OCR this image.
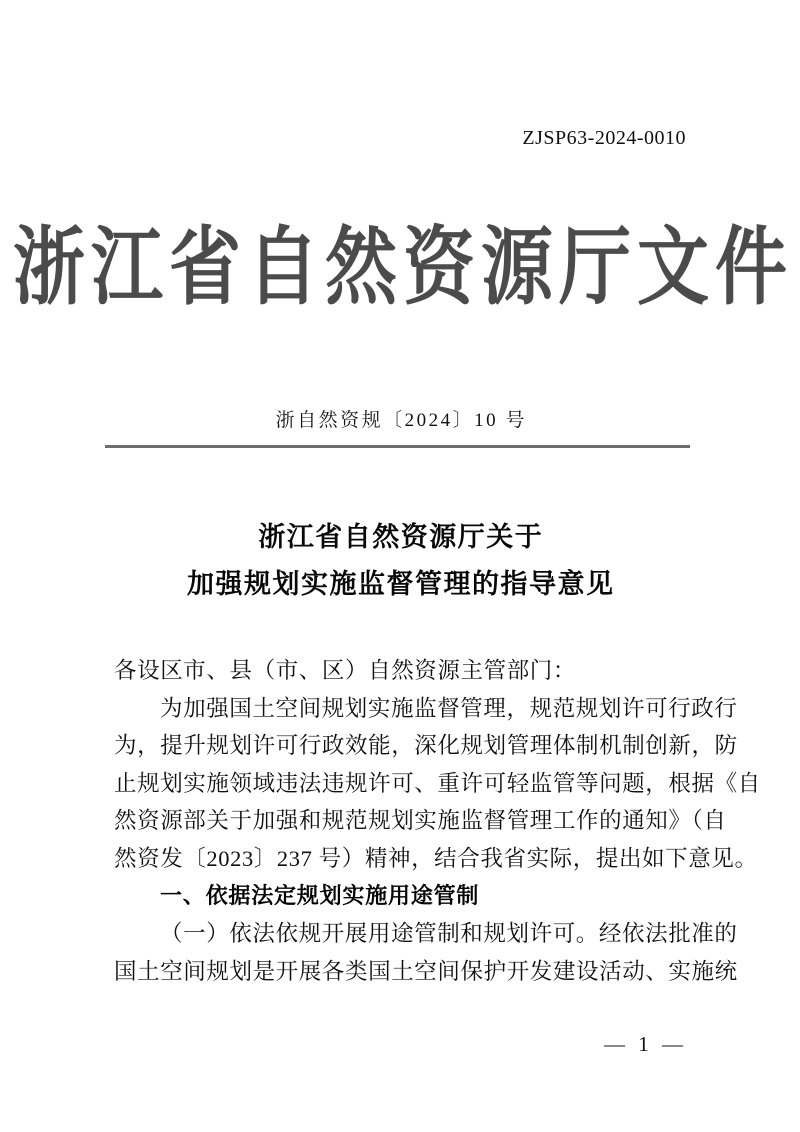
ZJSP63-2024-0010
浙江省自然资源厅文件
浙自然资规〔2024〕10 号
浙江省自然资源厅关于
加强规划实施监督管理的指导意见
各设区市、县（市、区）自然资源主管部门：
为加强国土空间规划实施监督管理，规范规划许可行政行
为，提升规划许可行政效能，深化规划管理体制机制创新，防
止规划实施领域违法违规许可、重许可轻监管等问题，根据《自
然资源部关于加强和规范规划实施监督管理工作的通知》（自
然资发〔2023〕237 号）精神，结合我省实际，提出如下意见。
一、依据法定规划实施用途管制
（一）依法依规开展用途管制和规划许可。经依法批准的
国土空间规划是开展各类国土空间保护开发建设活动、实施统
— 1 —
